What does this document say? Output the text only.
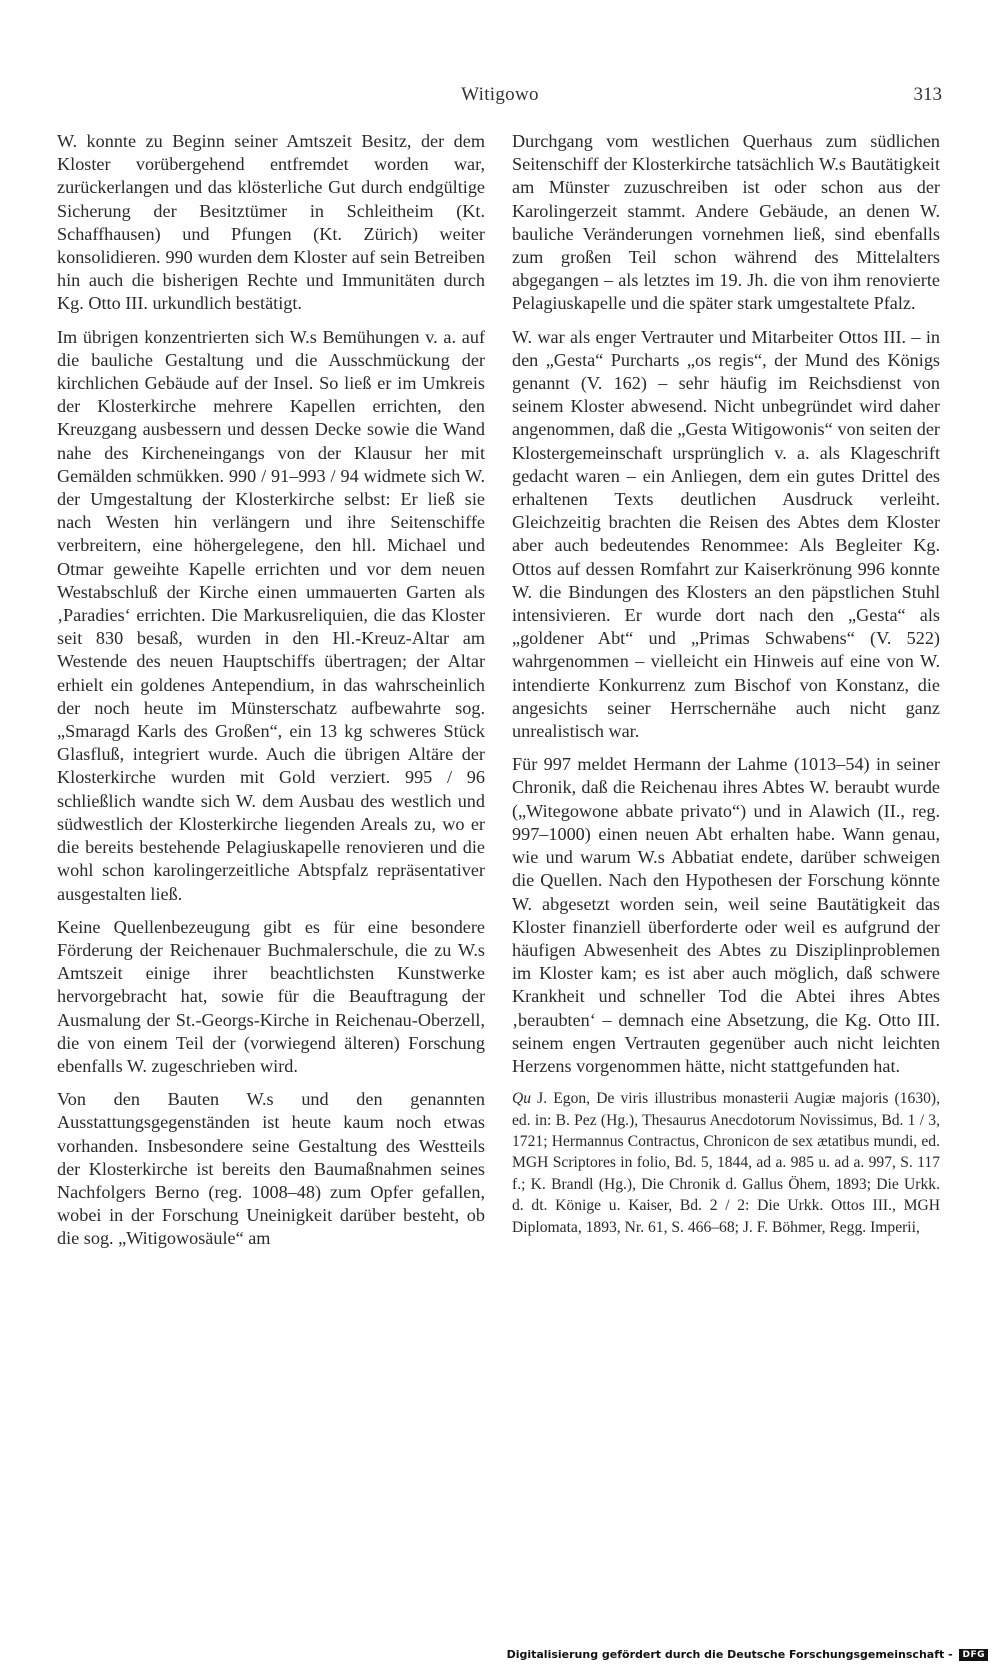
Witigowo	313

W. konnte zu Beginn seiner Amtszeit Besitz, der dem Kloster vorübergehend entfremdet worden war, zurückerlangen und das klösterliche Gut durch endgültige Sicherung der Besitztümer in Schleitheim (Kt. Schaffhausen) und Pfungen (Kt. Zürich) weiter konsolidieren. 990 wurden dem Kloster auf sein Betreiben hin auch die bisherigen Rechte und Immunitäten durch Kg. Otto III. urkundlich bestätigt.

Im übrigen konzentrierten sich W.s Bemühungen v. a. auf die bauliche Gestaltung und die Ausschmückung der kirchlichen Gebäude auf der Insel. So ließ er im Umkreis der Klosterkirche mehrere Kapellen errichten, den Kreuzgang ausbessern und dessen Decke sowie die Wand nahe des Kircheneingangs von der Klausur her mit Gemälden schmükken. 990 / 91–993 / 94 widmete sich W. der Umgestaltung der Klosterkirche selbst: Er ließ sie nach Westen hin verlängern und ihre Seitenschiffe verbreitern, eine höhergelegene, den hll. Michael und Otmar geweihte Kapelle errichten und vor dem neuen Westabschluß der Kirche einen ummauerten Garten als ‚Paradies‘ errichten. Die Markusreliquien, die das Kloster seit 830 besaß, wurden in den Hl.-Kreuz-Altar am Westende des neuen Hauptschiffs übertragen; der Altar erhielt ein goldenes Antependium, in das wahrscheinlich der noch heute im Münsterschatz aufbewahrte sog. „Smaragd Karls des Großen“, ein 13 kg schweres Stück Glasfluß, integriert wurde. Auch die übrigen Altäre der Klosterkirche wurden mit Gold verziert. 995 / 96 schließlich wandte sich W. dem Ausbau des westlich und südwestlich der Klosterkirche liegenden Areals zu, wo er die bereits bestehende Pelagiuskapelle renovieren und die wohl schon karolingerzeitliche Abtspfalz repräsentativer ausgestalten ließ.

Keine Quellenbezeugung gibt es für eine besondere Förderung der Reichenauer Buchmalerschule, die zu W.s Amtszeit einige ihrer beachtlichsten Kunstwerke hervorgebracht hat, sowie für die Beauftragung der Ausmalung der St.-Georgs-Kirche in Reichenau-Oberzell, die von einem Teil der (vorwiegend älteren) Forschung ebenfalls W. zugeschrieben wird.

Von den Bauten W.s und den genannten Ausstattungsgegenständen ist heute kaum noch etwas vorhanden. Insbesondere seine Gestaltung des Westteils der Klosterkirche ist bereits den Baumaßnahmen seines Nachfolgers Berno (reg. 1008–48) zum Opfer gefallen, wobei in der Forschung Uneinigkeit darüber besteht, ob die sog. „Witigowosäule“ am

Durchgang vom westlichen Querhaus zum südlichen Seitenschiff der Klosterkirche tatsächlich W.s Bautätigkeit am Münster zuzuschreiben ist oder schon aus der Karolingerzeit stammt. Andere Gebäude, an denen W. bauliche Veränderungen vornehmen ließ, sind ebenfalls zum großen Teil schon während des Mittelalters abgegangen – als letztes im 19. Jh. die von ihm renovierte Pelagiuskapelle und die später stark umgestaltete Pfalz.

W. war als enger Vertrauter und Mitarbeiter Ottos III. – in den „Gesta“ Purcharts „os regis“, der Mund des Königs genannt (V. 162) – sehr häufig im Reichsdienst von seinem Kloster abwesend. Nicht unbegründet wird daher angenommen, daß die „Gesta Witigowonis“ von seiten der Klostergemeinschaft ursprünglich v. a. als Klageschrift gedacht waren – ein Anliegen, dem ein gutes Drittel des erhaltenen Texts deutlichen Ausdruck verleiht. Gleichzeitig brachten die Reisen des Abtes dem Kloster aber auch bedeutendes Renommee: Als Begleiter Kg. Ottos auf dessen Romfahrt zur Kaiserkrönung 996 konnte W. die Bindungen des Klosters an den päpstlichen Stuhl intensivieren. Er wurde dort nach den „Gesta“ als „goldener Abt“ und „Primas Schwabens“ (V. 522) wahrgenommen – vielleicht ein Hinweis auf eine von W. intendierte Konkurrenz zum Bischof von Konstanz, die angesichts seiner Herrschernähe auch nicht ganz unrealistisch war.

Für 997 meldet Hermann der Lahme (1013–54) in seiner Chronik, daß die Reichenau ihres Abtes W. beraubt wurde („Witegowone abbate privato“) und in Alawich (II., reg. 997–1000) einen neuen Abt erhalten habe. Wann genau, wie und warum W.s Abbatiat endete, darüber schweigen die Quellen. Nach den Hypothesen der Forschung könnte W. abgesetzt worden sein, weil seine Bautätigkeit das Kloster finanziell überforderte oder weil es aufgrund der häufigen Abwesenheit des Abtes zu Disziplinproblemen im Kloster kam; es ist aber auch möglich, daß schwere Krankheit und schneller Tod die Abtei ihres Abtes ‚beraubten‘ – demnach eine Absetzung, die Kg. Otto III. seinem engen Vertrauten gegenüber auch nicht leichten Herzens vorgenommen hätte, nicht stattgefunden hat.

Qu J. Egon, De viris illustribus monasterii Augiæ majoris (1630), ed. in: B. Pez (Hg.), Thesaurus Anecdotorum Novissimus, Bd. 1 / 3, 1721; Hermannus Contractus, Chronicon de sex ætatibus mundi, ed. MGH Scriptores in folio, Bd. 5, 1844, ad a. 985 u. ad a. 997, S. 117 f.; K. Brandl (Hg.), Die Chronik d. Gallus Öhem, 1893; Die Urkk. d. dt. Könige u. Kaiser, Bd. 2 / 2: Die Urkk. Ottos III., MGH Diplomata, 1893, Nr. 61, S. 466–68; J. F. Böhmer, Regg. Imperii,

Digitalisierung gefördert durch die Deutsche Forschungsgemeinschaft - DFG
